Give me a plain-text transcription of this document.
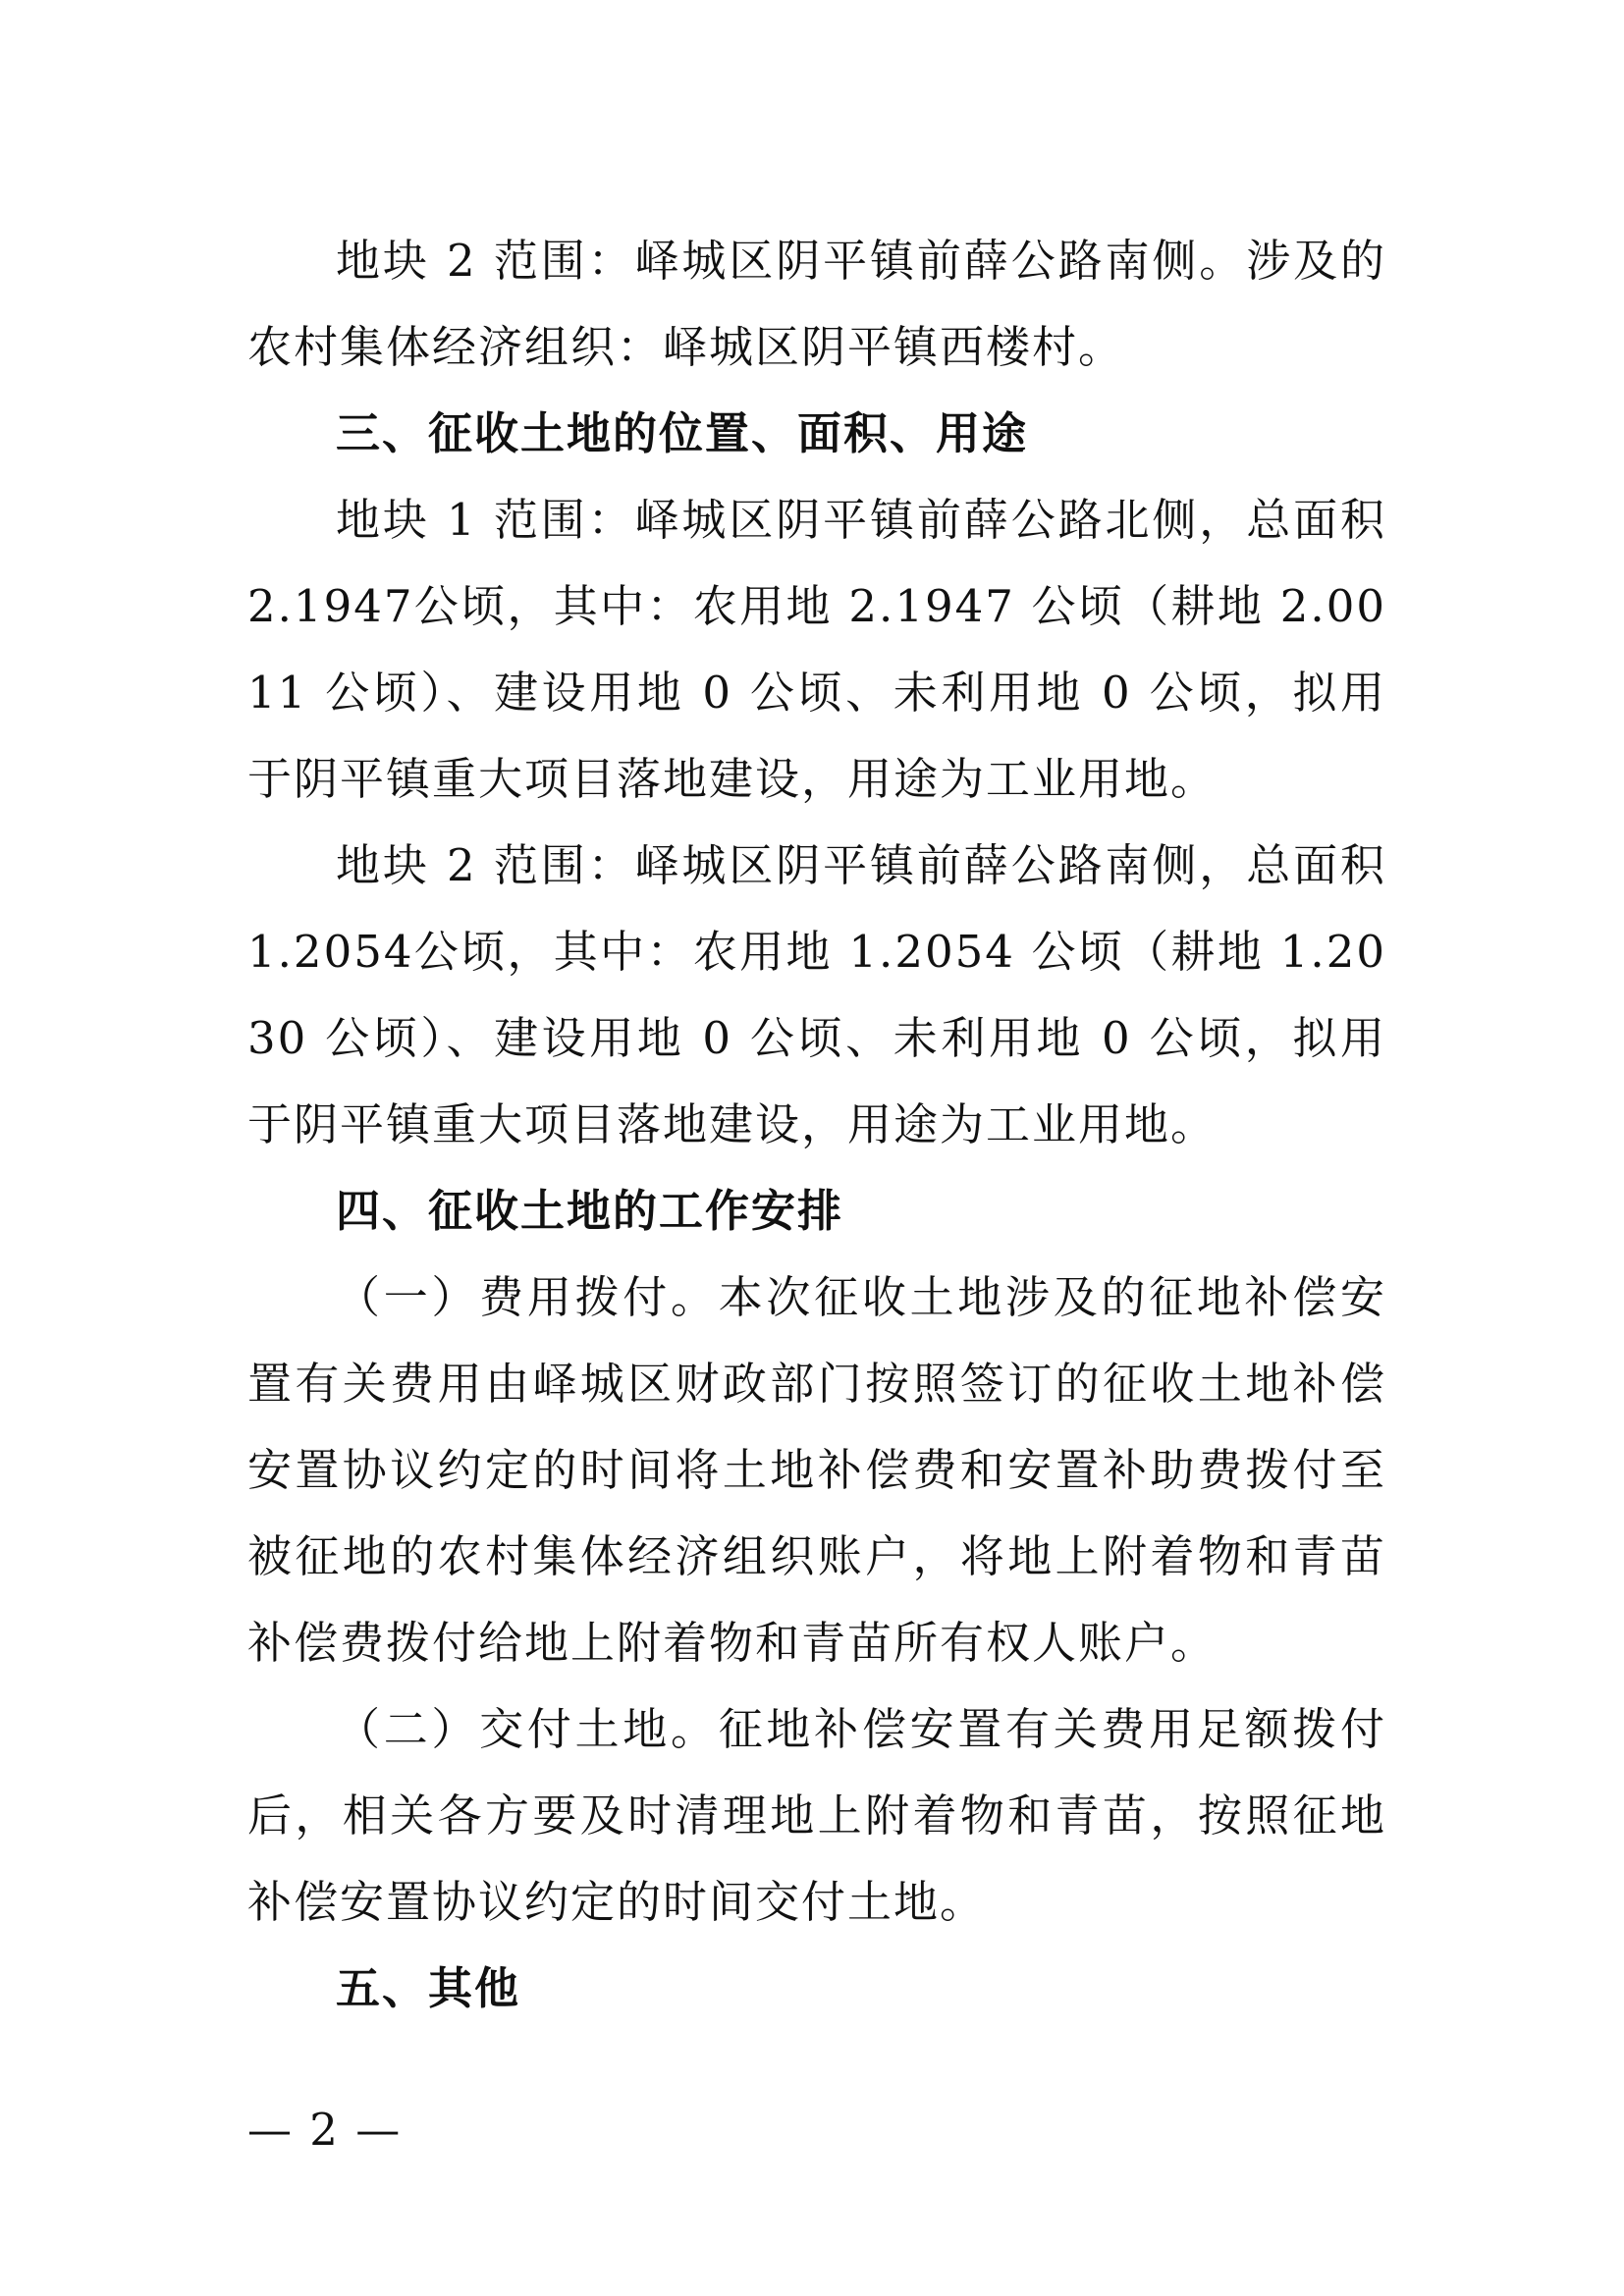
地块 2 范围：峄城区阴平镇前薛公路南侧。涉及的农村集体经济组织：峄城区阴平镇西楼村。

三、征收土地的位置、面积、用途

地块 1 范围：峄城区阴平镇前薛公路北侧，总面积 2.1947公顷，其中：农用地 2.1947 公顷（耕地 2.0011 公顷）、建设用地 0 公顷、未利用地 0 公顷，拟用于阴平镇重大项目落地建设，用途为工业用地。

地块 2 范围：峄城区阴平镇前薛公路南侧，总面积 1.2054公顷，其中：农用地 1.2054 公顷（耕地 1.2030 公顷）、建设用地 0 公顷、未利用地 0 公顷，拟用于阴平镇重大项目落地建设，用途为工业用地。

四、征收土地的工作安排

（一）费用拨付。本次征收土地涉及的征地补偿安置有关费用由峄城区财政部门按照签订的征收土地补偿安置协议约定的时间将土地补偿费和安置补助费拨付至被征地的农村集体经济组织账户，将地上附着物和青苗补偿费拨付给地上附着物和青苗所有权人账户。

（二）交付土地。征地补偿安置有关费用足额拨付后，相关各方要及时清理地上附着物和青苗，按照征地补偿安置协议约定的时间交付土地。

五、其他

— 2 —
